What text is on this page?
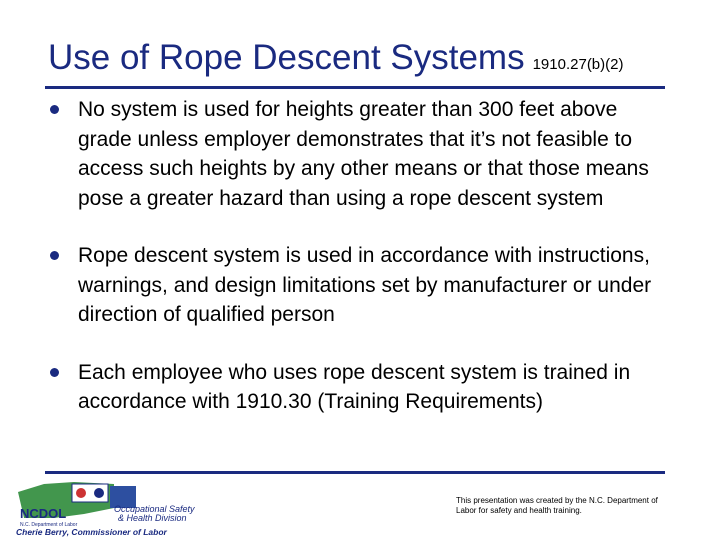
Use of Rope Descent Systems 1910.27(b)(2)
No system is used for heights greater than 300 feet above grade unless employer demonstrates that it’s not feasible to access such heights by any other means or that those means pose a greater hazard than using a rope descent system
Rope descent system is used in accordance with instructions, warnings, and design limitations set by manufacturer or under direction of qualified person
Each employee who uses rope descent system is trained in accordance with 1910.30 (Training Requirements)
NCDOL
N.C. Department of Labor
Occupational Safety
& Health Division
Cherie Berry, Commissioner of Labor
This presentation was created by the N.C. Department of Labor for safety and health training.
